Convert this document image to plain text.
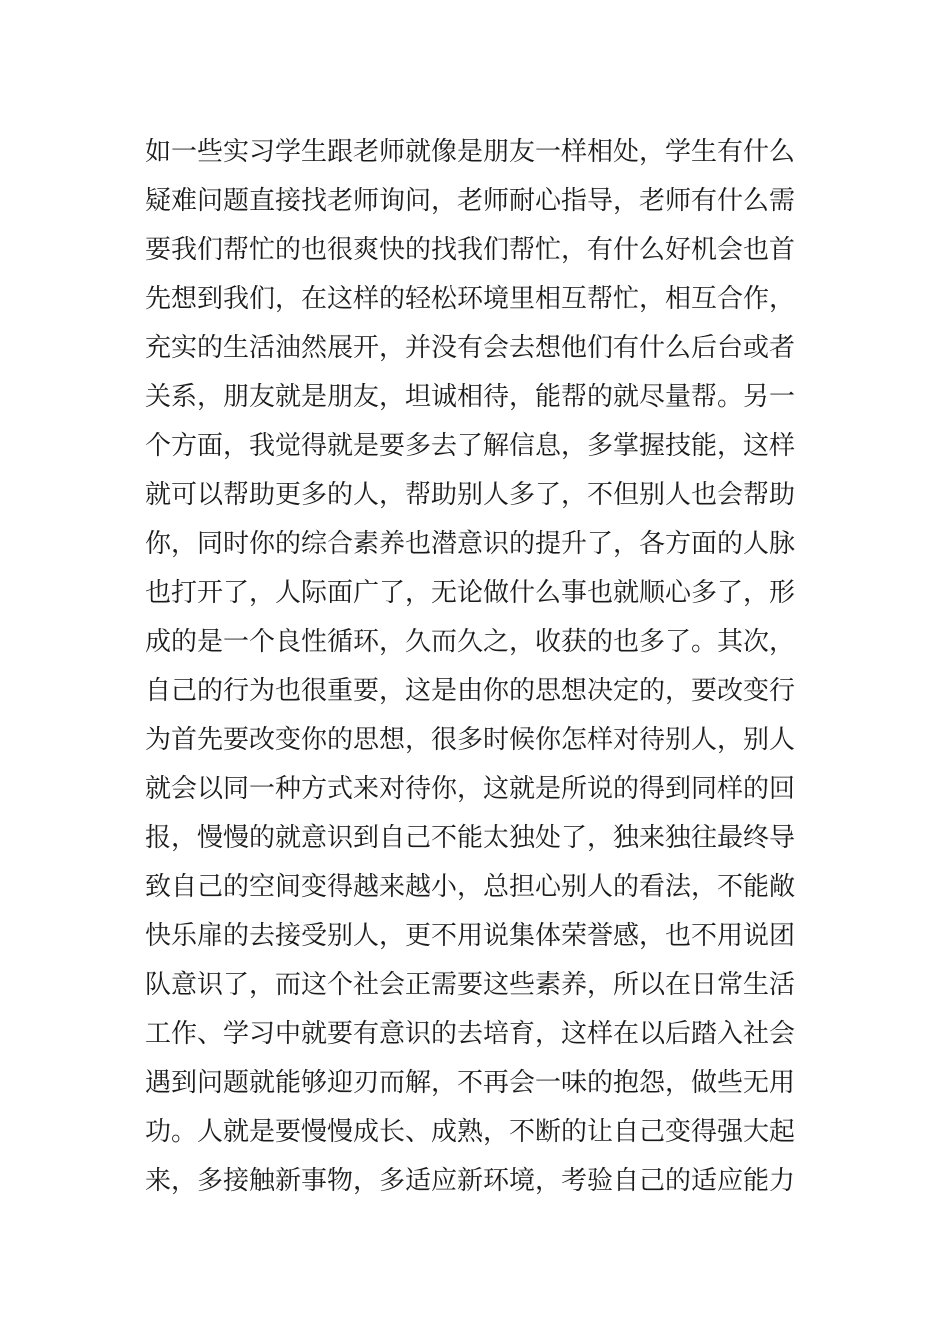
如一些实习学生跟老师就像是朋友一样相处，学生有什么
疑难问题直接找老师询问，老师耐心指导，老师有什么需
要我们帮忙的也很爽快的找我们帮忙，有什么好机会也首
先想到我们，在这样的轻松环境里相互帮忙，相互合作，
充实的生活油然展开，并没有会去想他们有什么后台或者
关系，朋友就是朋友，坦诚相待，能帮的就尽量帮。另一
个方面，我觉得就是要多去了解信息，多掌握技能，这样
就可以帮助更多的人，帮助别人多了，不但别人也会帮助
你，同时你的综合素养也潜意识的提升了，各方面的人脉
也打开了，人际面广了，无论做什么事也就顺心多了，形
成的是一个良性循环，久而久之，收获的也多了。其次，
自己的行为也很重要，这是由你的思想决定的，要改变行
为首先要改变你的思想，很多时候你怎样对待别人，别人
就会以同一种方式来对待你，这就是所说的得到同样的回
报，慢慢的就意识到自己不能太独处了，独来独往最终导
致自己的空间变得越来越小，总担心别人的看法，不能敞
快乐扉的去接受别人，更不用说集体荣誉感，也不用说团
队意识了，而这个社会正需要这些素养，所以在日常生活
工作、学习中就要有意识的去培育，这样在以后踏入社会
遇到问题就能够迎刃而解，不再会一味的抱怨，做些无用
功。人就是要慢慢成长、成熟，不断的让自己变得强大起
来，多接触新事物，多适应新环境，考验自己的适应能力
